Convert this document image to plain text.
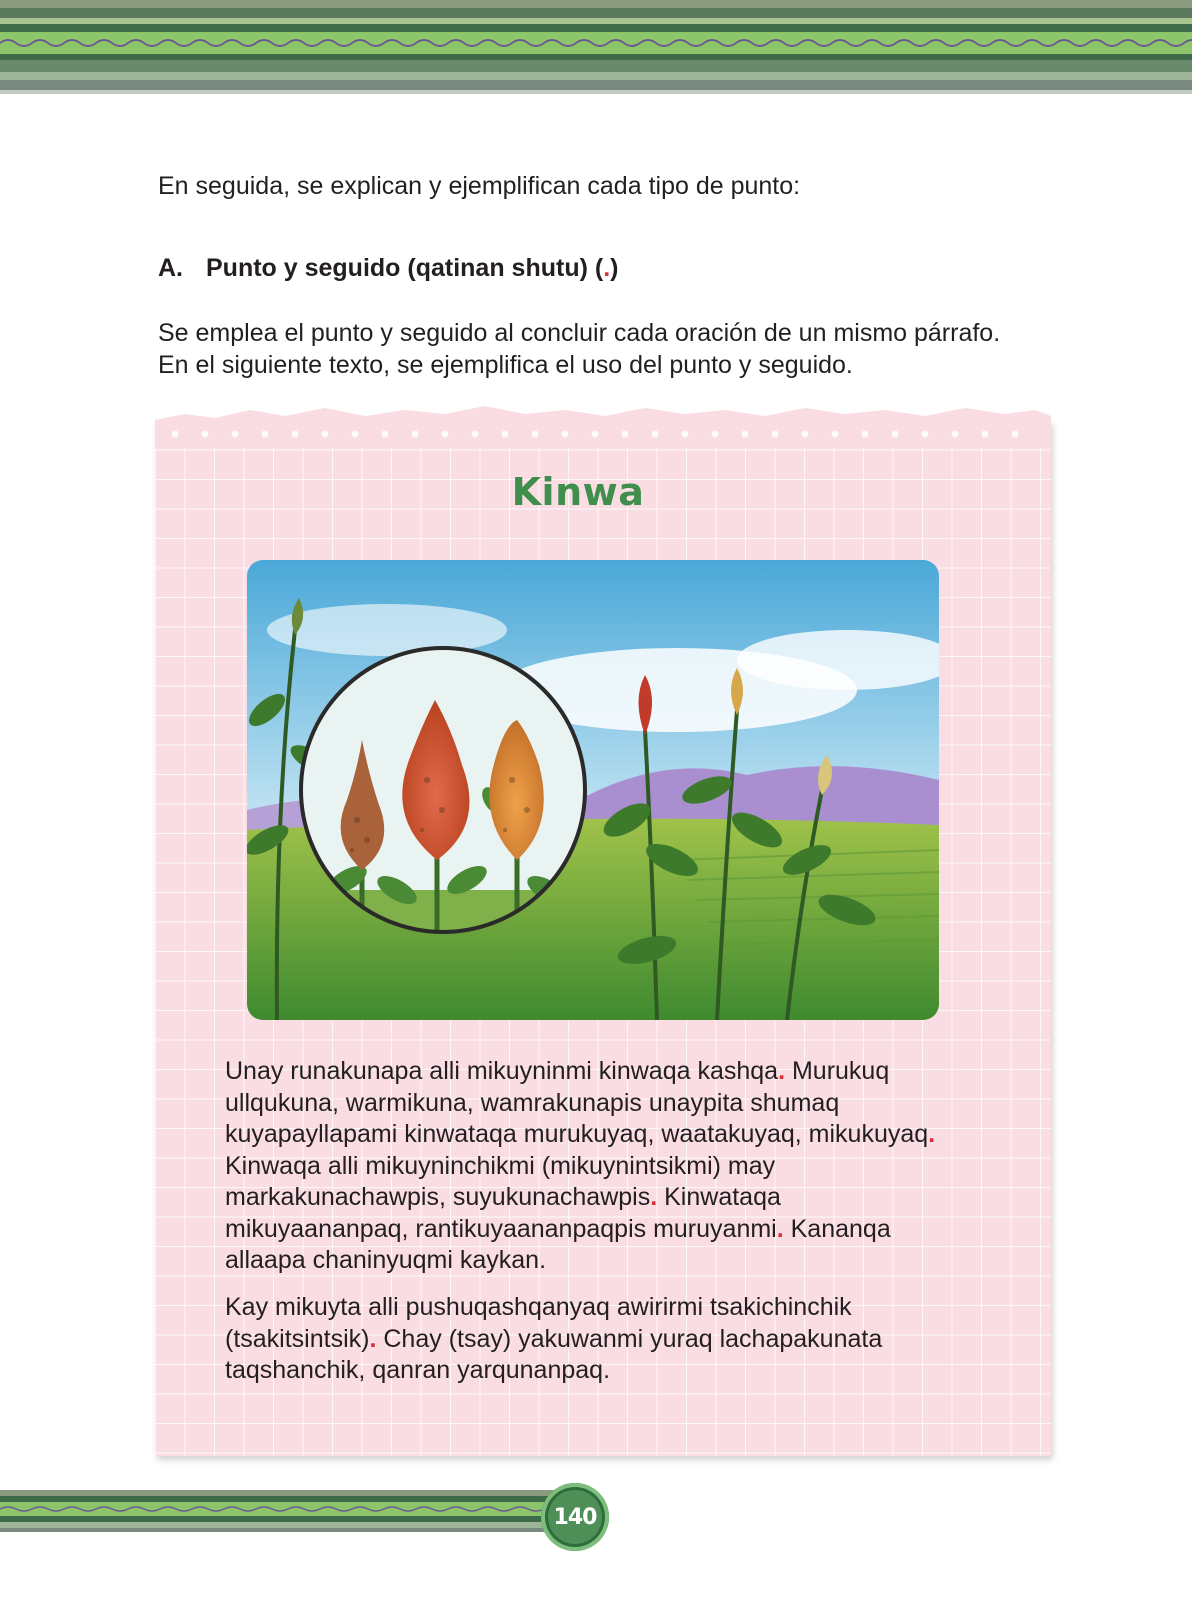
En seguida, se explican y ejemplifican cada tipo de punto:
A. Punto y seguido (qatinan shutu) (.)
Se emplea el punto y seguido al concluir cada oración de un mismo párrafo.
En el siguiente texto, se ejemplifica el uso del punto y seguido.
Kinwa
Unay runakunapa alli mikuyninmi kinwaqa kashqa. Murukuq ullqukuna, warmikuna, wamrakunapis unaypita shumaq kuyapayllapami kinwataqa murukuyaq, waatakuyaq, mikukuyaq. Kinwaqa alli mikuyninchikmi (mikuynintsikmi) may markakunachawpis, suyukunachawpis. Kinwataqa mikuyaananpaq, rantikuyaananpaqpis muruyanmi. Kananqa allaapa chaninyuqmi kaykan.
Kay mikuyta alli pushuqashqanyaq awirirmi tsakichinchik (tsakitsintsik). Chay (tsay) yakuwanmi yuraq lachapakunata taqshanchik, qanran yarqunanpaq.
140
